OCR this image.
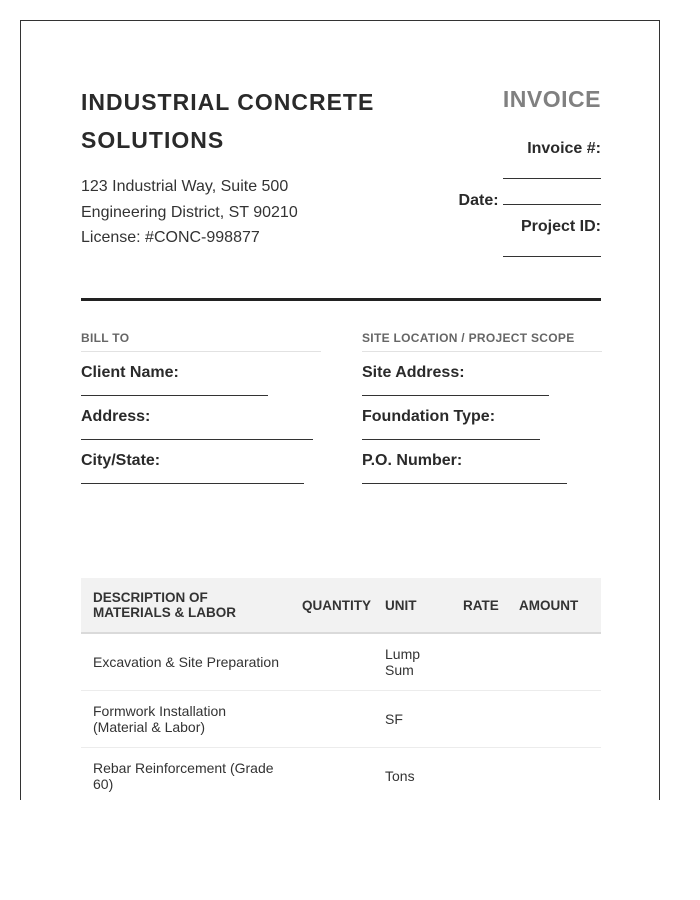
INDUSTRIAL CONCRETE
SOLUTIONS
123 Industrial Way, Suite 500
Engineering District, ST 90210
License: #CONC-998877
INVOICE
Invoice #:
Date:
Project ID:
BILL TO
Client Name:
Address:
City/State:
SITE LOCATION / PROJECT SCOPE
Site Address:
Foundation Type:
P.O. Number:
DESCRIPTION OF MATERIALS & LABOR	QUANTITY	UNIT	RATE	AMOUNT
Excavation & Site Preparation		Lump Sum		
Formwork Installation (Material & Labor)		SF		
Rebar Reinforcement (Grade 60)		Tons		
